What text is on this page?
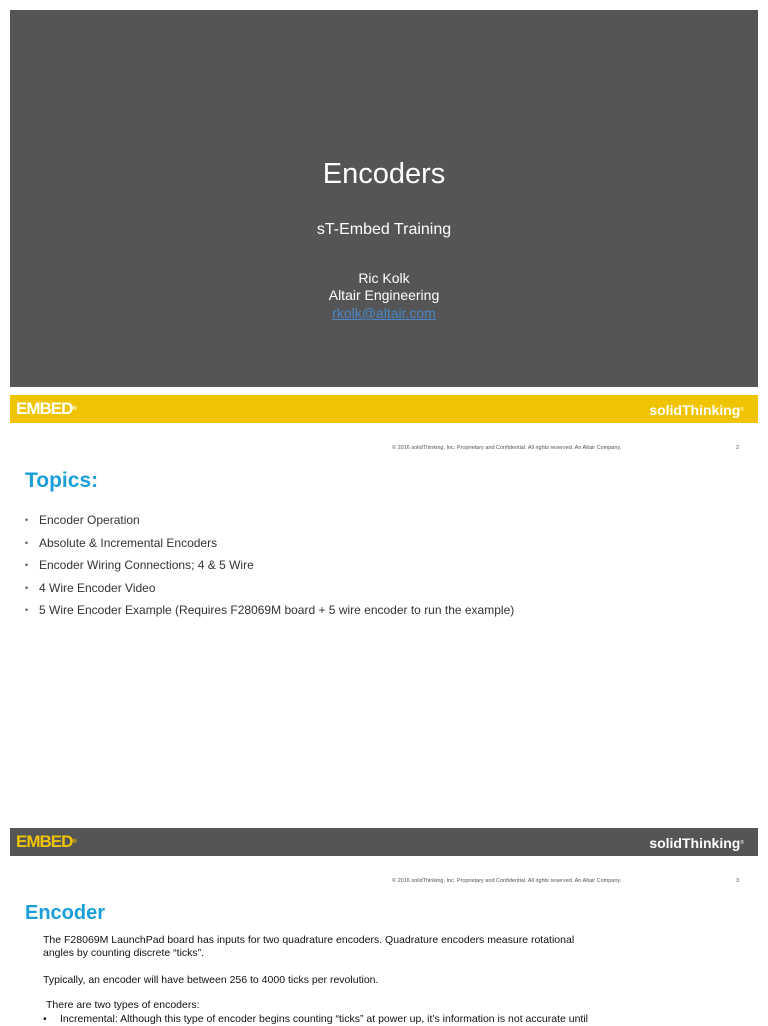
Encoders
sT-Embed Training
Ric Kolk
Altair Engineering
rkolk@altair.com
EMBED®	solidThinking®
© 2016 solidThinking, Inc. Proprietary and Confidential. All rights reserved. An Altair Company.	2
Topics:
• Encoder Operation
• Absolute & Incremental Encoders
• Encoder Wiring Connections; 4 & 5 Wire
• 4 Wire Encoder Video
• 5 Wire Encoder Example (Requires F28069M board + 5 wire encoder to run the example)
EMBED®	solidThinking®
© 2016 solidThinking, Inc. Proprietary and Confidential. All rights reserved. An Altair Company.	3
Encoder
The F28069M LaunchPad board has inputs for two quadrature encoders. Quadrature encoders measure rotational
angles by counting discrete “ticks”.
Typically, an encoder will have between 256 to 4000 ticks per revolution.
There are two types of encoders:
• Incremental: Although this type of encoder begins counting “ticks” at power up, it’s information is not accurate until
